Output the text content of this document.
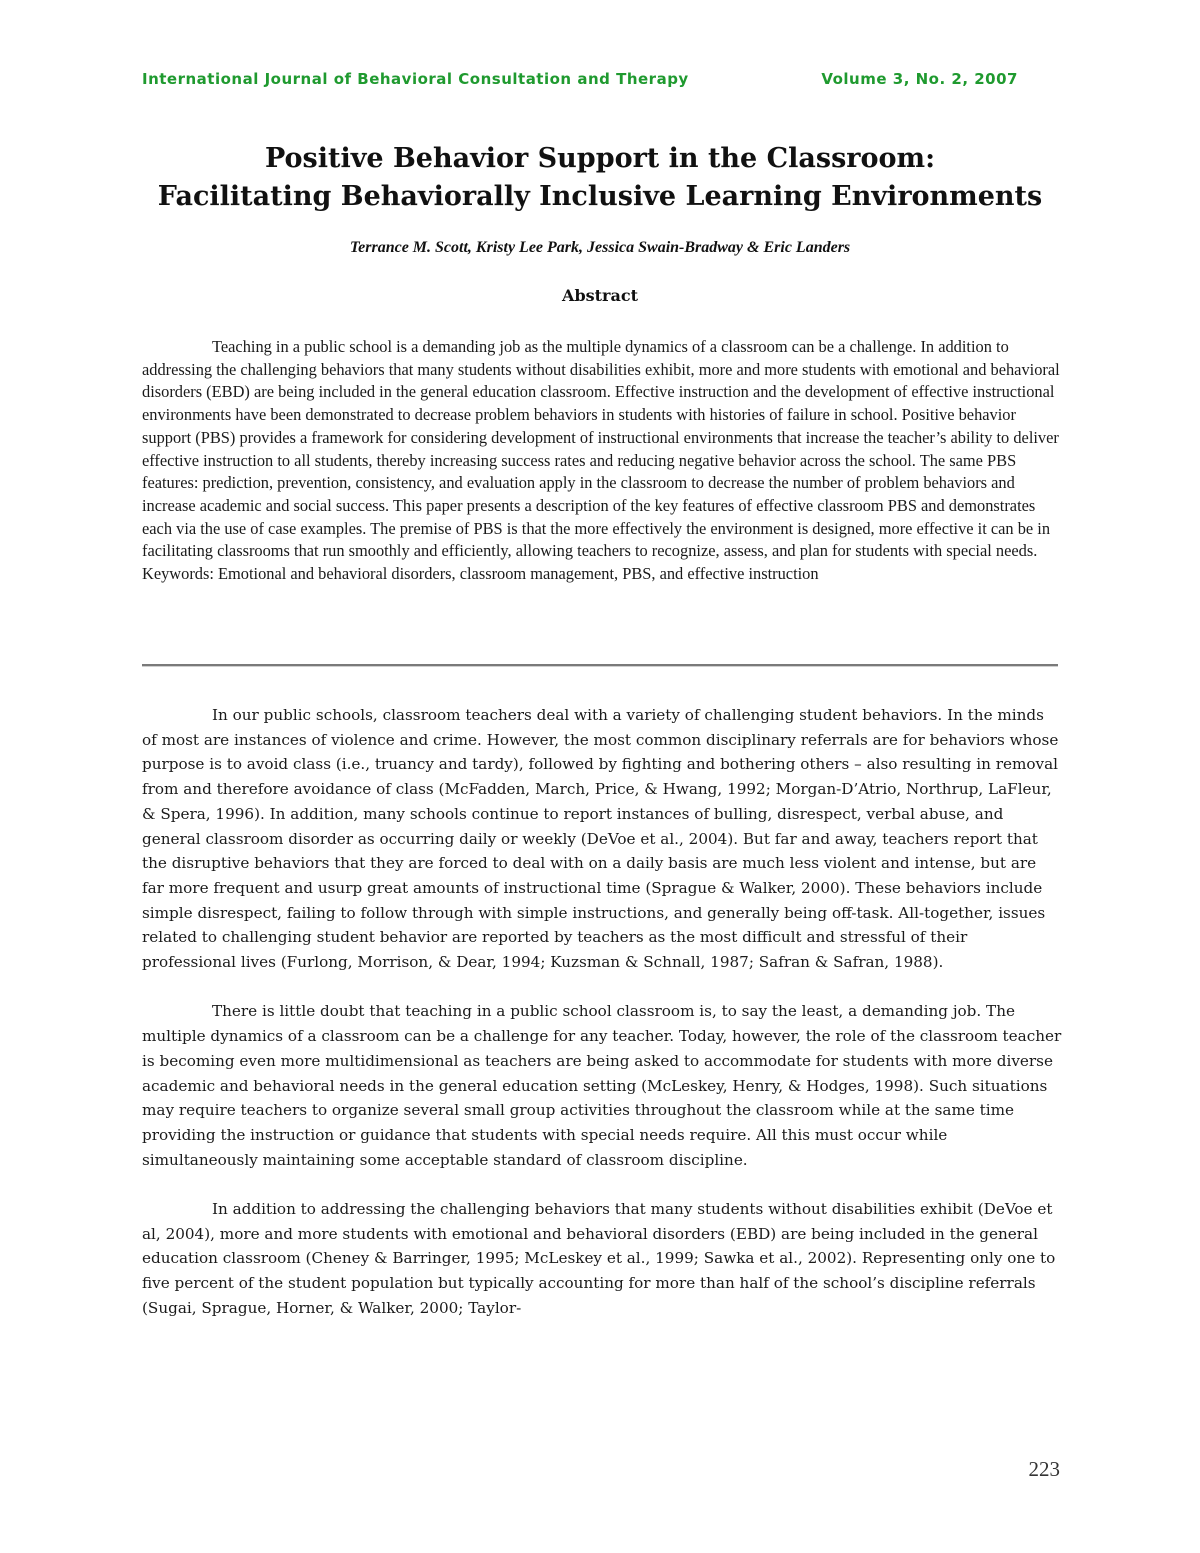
International Journal of Behavioral Consultation and Therapy	Volume 3, No. 2, 2007
Positive Behavior Support in the Classroom:
Facilitating Behaviorally Inclusive Learning Environments
Terrance M. Scott, Kristy Lee Park, Jessica Swain-Bradway & Eric Landers
Abstract

Teaching in a public school is a demanding job as the multiple dynamics of a classroom can be a challenge. In addition to addressing the challenging behaviors that many students without disabilities exhibit, more and more students with emotional and behavioral disorders (EBD) are being included in the general education classroom. Effective instruction and the development of effective instructional environments have been demonstrated to decrease problem behaviors in students with histories of failure in school. Positive behavior support (PBS) provides a framework for considering development of instructional environments that increase the teacher’s ability to deliver effective instruction to all students, thereby increasing success rates and reducing negative behavior across the school. The same PBS features: prediction, prevention, consistency, and evaluation apply in the classroom to decrease the number of problem behaviors and increase academic and social success. This paper presents a description of the key features of effective classroom PBS and demonstrates each via the use of case examples. The premise of PBS is that the more effectively the environment is designed, more effective it can be in facilitating classrooms that run smoothly and efficiently, allowing teachers to recognize, assess, and plan for students with special needs.

Keywords: Emotional and behavioral disorders, classroom management, PBS, and effective instruction

In our public schools, classroom teachers deal with a variety of challenging student behaviors. In the minds of most are instances of violence and crime. However, the most common disciplinary referrals are for behaviors whose purpose is to avoid class (i.e., truancy and tardy), followed by fighting and bothering others – also resulting in removal from and therefore avoidance of class (McFadden, March, Price, & Hwang, 1992; Morgan-D’Atrio, Northrup, LaFleur, & Spera, 1996). In addition, many schools continue to report instances of bulling, disrespect, verbal abuse, and general classroom disorder as occurring daily or weekly (DeVoe et al., 2004). But far and away, teachers report that the disruptive behaviors that they are forced to deal with on a daily basis are much less violent and intense, but are far more frequent and usurp great amounts of instructional time (Sprague & Walker, 2000). These behaviors include simple disrespect, failing to follow through with simple instructions, and generally being off-task. All-together, issues related to challenging student behavior are reported by teachers as the most difficult and stressful of their professional lives (Furlong, Morrison, & Dear, 1994; Kuzsman & Schnall, 1987; Safran & Safran, 1988).

There is little doubt that teaching in a public school classroom is, to say the least, a demanding job. The multiple dynamics of a classroom can be a challenge for any teacher. Today, however, the role of the classroom teacher is becoming even more multidimensional as teachers are being asked to accommodate for students with more diverse academic and behavioral needs in the general education setting (McLeskey, Henry, & Hodges, 1998). Such situations may require teachers to organize several small group activities throughout the classroom while at the same time providing the instruction or guidance that students with special needs require. All this must occur while simultaneously maintaining some acceptable standard of classroom discipline.

In addition to addressing the challenging behaviors that many students without disabilities exhibit (DeVoe et al, 2004), more and more students with emotional and behavioral disorders (EBD) are being included in the general education classroom (Cheney & Barringer, 1995; McLeskey et al., 1999; Sawka et al., 2002). Representing only one to five percent of the student population but typically accounting for more than half of the school’s discipline referrals (Sugai, Sprague, Horner, & Walker, 2000; Taylor-

223
